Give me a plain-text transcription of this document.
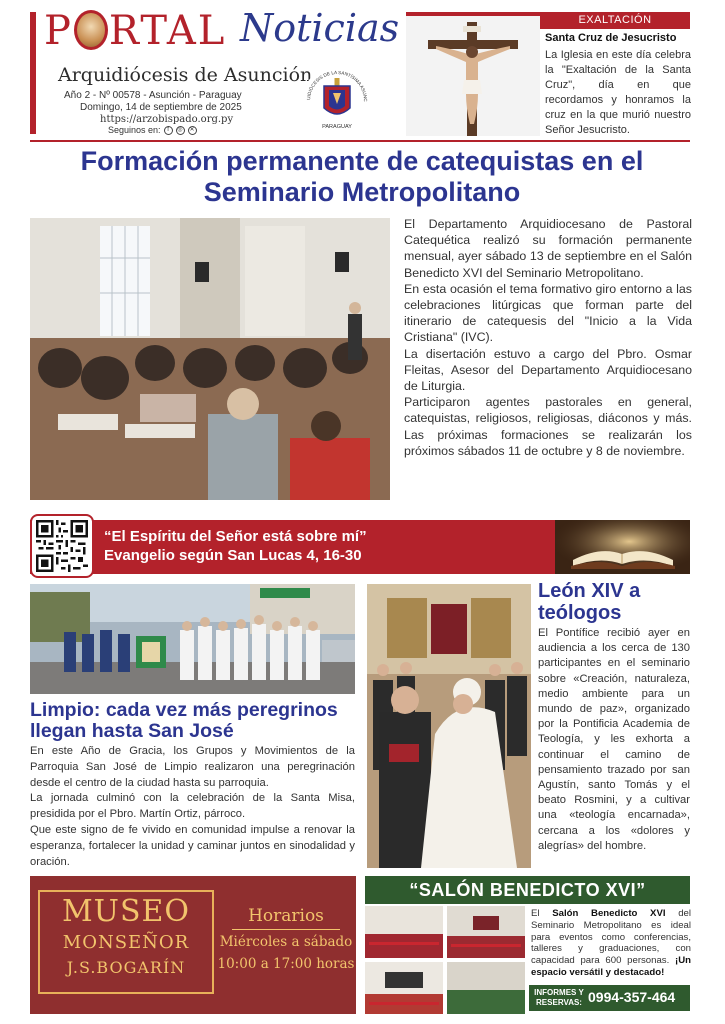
P RTAL Noticias
Arquidiócesis de Asunción
Año 2 - Nº 00578 - Asunción - Paraguay
Domingo, 14 de septiembre de 2025
https://arzobispado.org.py
Seguinos en:	f	◎	✕
UIDIÓCESIS DE LA SANTÍSIMA ASUNC
PARAGUAY
EXALTACIÓN
Santa Cruz de Jesucristo
La Iglesia en este día celebra la "Exaltación de la Santa Cruz", día en que recordamos y honramos la cruz en la que murió nuestro Señor Jesucristo.
Formación permanente de catequistas en el Seminario Metropolitano

El Departamento Arquidiocesano de Pastoral Catequética realizó su formación permanente mensual, ayer sábado 13 de septiembre en el Salón Benedicto XVI del Seminario Metropolitano.

En esta ocasión el tema formativo giro entorno a las celebraciones litúrgicas que forman parte del itinerario de catequesis del "Inicio a la Vida Cristiana" (IVC).

La disertación estuvo a cargo del Pbro. Osmar Fleitas, Asesor del Departamento Arquidiocesano de Liturgia.

Participaron agentes pastorales en general, catequistas, religiosos, religiosas, diáconos y más. Las próximas formaciones se realizarán los próximos sábados 11 de octubre y 8 de noviembre.

“El Espíritu del Señor está sobre mí”
Evangelio según San Lucas 4, 16-30
Limpio: cada vez más peregrinos llegan hasta San José

En este Año de Gracia, los Grupos y Movimientos de la Parroquia San José de Limpio realizaron una peregrinación desde el centro de la ciudad hasta su parroquia.

La jornada culminó con la celebración de la Santa Misa, presidida por el Pbro. Martín Ortiz, párroco.

Que este signo de fe vivido en comunidad impulse a renovar la esperanza, fortalecer la unidad y caminar juntos en sinodalidad y oración.

León XIV a teólogos
El Pontífice recibió ayer en audiencia a los cerca de 130 participantes en el seminario sobre «Creación, naturaleza, medio ambiente para un mundo de paz», organizado por la Pontificia Academia de Teología, y les exhorta a continuar el camino de pensamiento trazado por san Agustín, santo Tomás y el beato Rosmini, y a cultivar una «teología encarnada», cercana a los «dolores y alegrías» del hombre.
MUSEO
MONSEÑOR
J.S.BOGARÍN
Horarios
Miércoles a sábado
10:00 a 17:00 horas
“SALÓN BENEDICTO XVI”
El Salón Benedicto XVI del Seminario Metropolitano es ideal para eventos como conferencias, talleres y graduaciones, con capacidad para 600 personas. ¡Un espacio versátil y destacado!
INFORMES Y RESERVAS: 0994-357-464
